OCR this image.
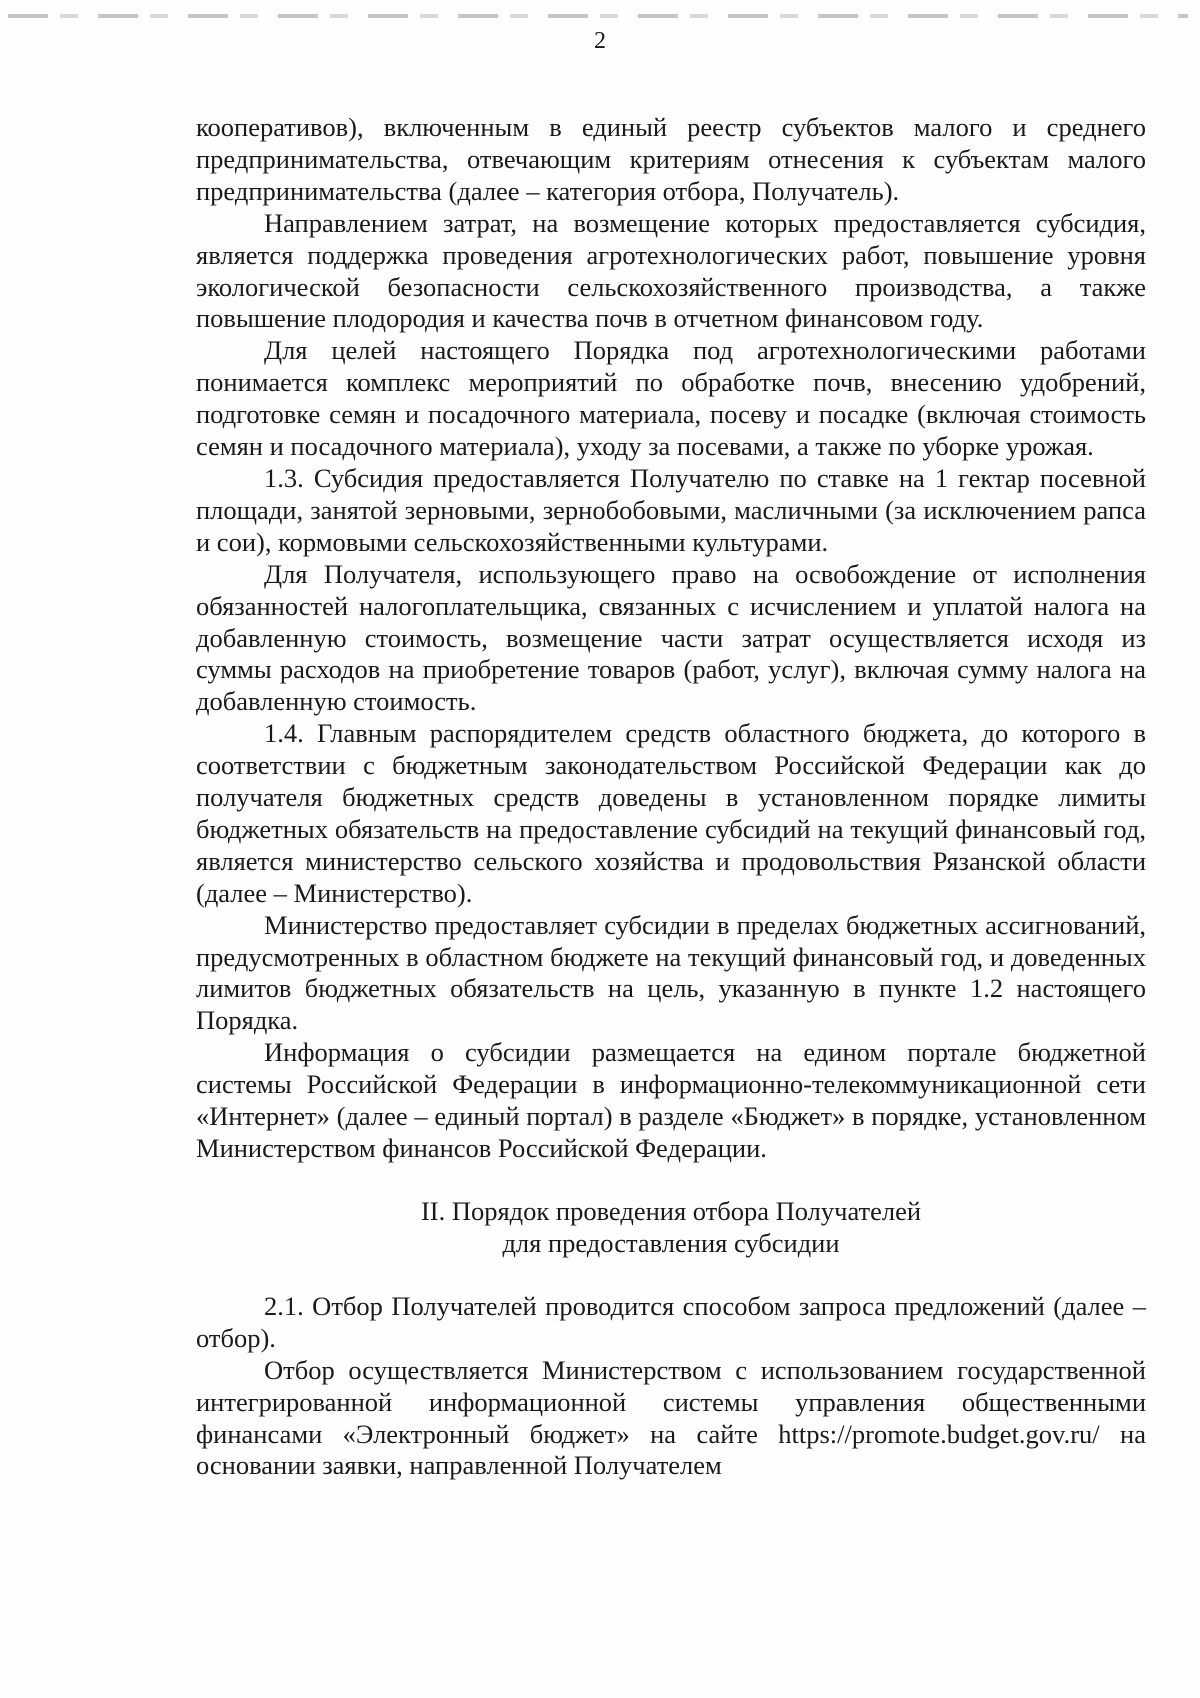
2

кооперативов), включенным в единый реестр субъектов малого и среднего предпринимательства, отвечающим критериям отнесения к субъектам малого предпринимательства (далее – категория отбора, Получатель).

Направлением затрат, на возмещение которых предоставляется субсидия, является поддержка проведения агротехнологических работ, повышение уровня экологической безопасности сельскохозяйственного производства, а также повышение плодородия и качества почв в отчетном финансовом году.

Для целей настоящего Порядка под агротехнологическими работами понимается комплекс мероприятий по обработке почв, внесению удобрений, подготовке семян и посадочного материала, посеву и посадке (включая стоимость семян и посадочного материала), уходу за посевами, а также по уборке урожая.

1.3. Субсидия предоставляется Получателю по ставке на 1 гектар посевной площади, занятой зерновыми, зернобобовыми, масличными (за исключением рапса и сои), кормовыми сельскохозяйственными культурами.

Для Получателя, использующего право на освобождение от исполнения обязанностей налогоплательщика, связанных с исчислением и уплатой налога на добавленную стоимость, возмещение части затрат осуществляется исходя из суммы расходов на приобретение товаров (работ, услуг), включая сумму налога на добавленную стоимость.

1.4. Главным распорядителем средств областного бюджета, до которого в соответствии с бюджетным законодательством Российской Федерации как до получателя бюджетных средств доведены в установленном порядке лимиты бюджетных обязательств на предоставление субсидий на текущий финансовый год, является министерство сельского хозяйства и продовольствия Рязанской области (далее – Министерство).

Министерство предоставляет субсидии в пределах бюджетных ассигнований, предусмотренных в областном бюджете на текущий финансовый год, и доведенных лимитов бюджетных обязательств на цель, указанную в пункте 1.2 настоящего Порядка.

Информация о субсидии размещается на едином портале бюджетной системы Российской Федерации в информационно-телекоммуникационной сети «Интернет» (далее – единый портал) в разделе «Бюджет» в порядке, установленном Министерством финансов Российской Федерации.

II. Порядок проведения отбора Получателей
для предоставления субсидии

2.1. Отбор Получателей проводится способом запроса предложений (далее – отбор).

Отбор осуществляется Министерством с использованием государственной интегрированной информационной системы управления общественными финансами «Электронный бюджет» на сайте https://promote.budget.gov.ru/ на основании заявки, направленной Получателем
